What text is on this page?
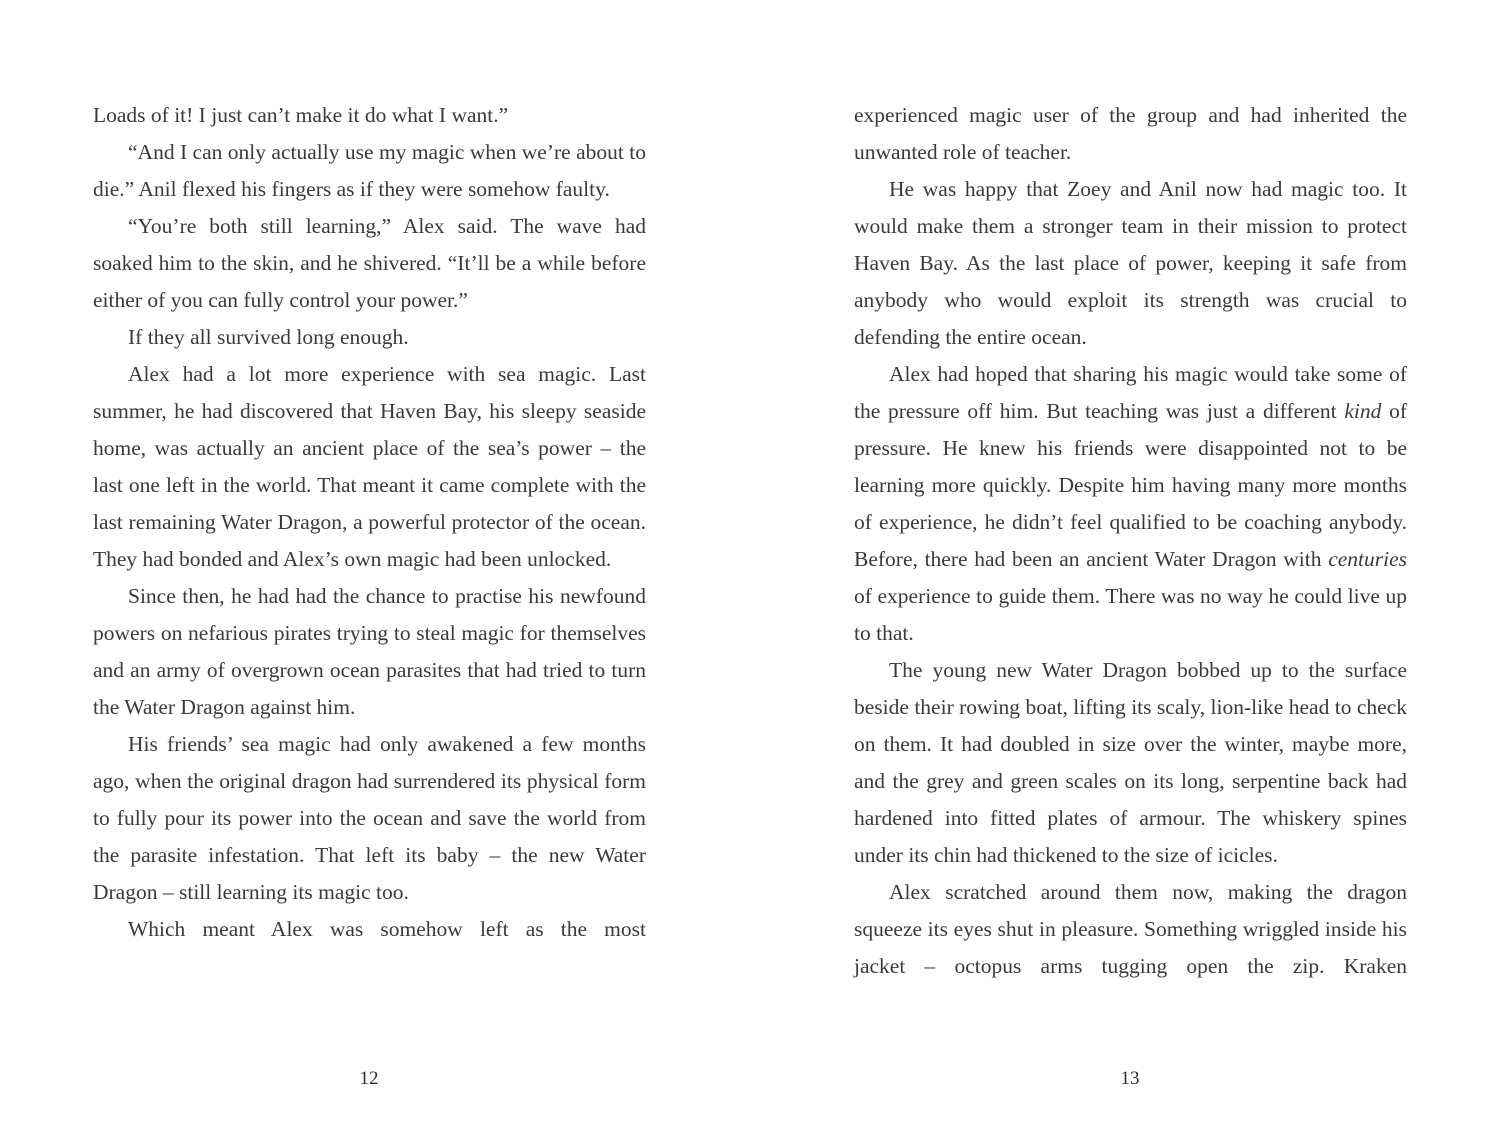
Loads of it! I just can’t make it do what I want.”

“And I can only actually use my magic when we’re about to die.” Anil flexed his fingers as if they were somehow faulty.

“You’re both still learning,” Alex said. The wave had soaked him to the skin, and he shivered. “It’ll be a while before either of you can fully control your power.”

If they all survived long enough.

Alex had a lot more experience with sea magic. Last summer, he had discovered that Haven Bay, his sleepy seaside home, was actually an ancient place of the sea’s power – the last one left in the world. That meant it came complete with the last remaining Water Dragon, a powerful protector of the ocean. They had bonded and Alex’s own magic had been unlocked.

Since then, he had had the chance to practise his newfound powers on nefarious pirates trying to steal magic for themselves and an army of overgrown ocean parasites that had tried to turn the Water Dragon against him.

His friends’ sea magic had only awakened a few months ago, when the original dragon had surrendered its physical form to fully pour its power into the ocean and save the world from the parasite infestation. That left its baby – the new Water Dragon – still learning its magic too.

Which meant Alex was somehow left as the most

experienced magic user of the group and had inherited the unwanted role of teacher.

He was happy that Zoey and Anil now had magic too. It would make them a stronger team in their mission to protect Haven Bay. As the last place of power, keeping it safe from anybody who would exploit its strength was crucial to defending the entire ocean.

Alex had hoped that sharing his magic would take some of the pressure off him. But teaching was just a different kind of pressure. He knew his friends were disappointed not to be learning more quickly. Despite him having many more months of experience, he didn’t feel qualified to be coaching anybody. Before, there had been an ancient Water Dragon with centuries of experience to guide them. There was no way he could live up to that.

The young new Water Dragon bobbed up to the surface beside their rowing boat, lifting its scaly, lion-like head to check on them. It had doubled in size over the winter, maybe more, and the grey and green scales on its long, serpentine back had hardened into fitted plates of armour. The whiskery spines under its chin had thickened to the size of icicles.

Alex scratched around them now, making the dragon squeeze its eyes shut in pleasure. Something wriggled inside his jacket – octopus arms tugging open the zip. Kraken

12	13
